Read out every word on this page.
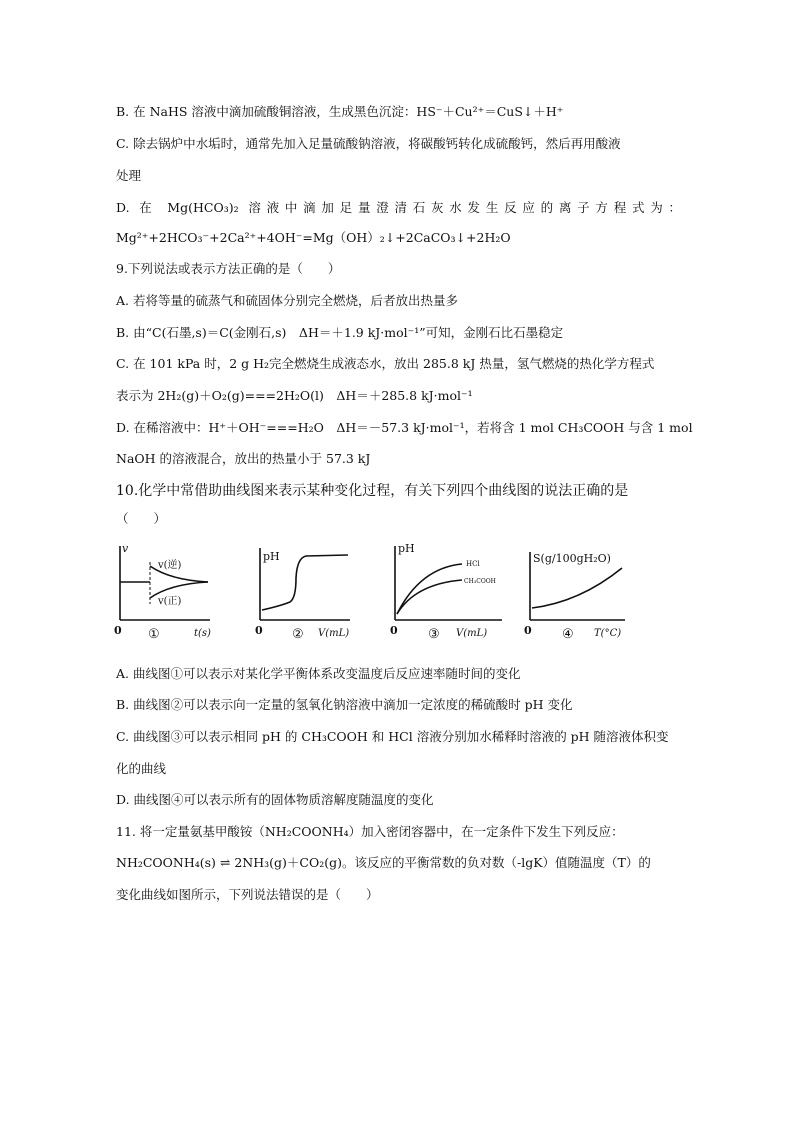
B. 在 NaHS 溶液中滴加硫酸铜溶液，生成黑色沉淀：HS⁻＋Cu²⁺＝CuS↓＋H⁺
C. 除去锅炉中水垢时，通常先加入足量硫酸钠溶液，将碳酸钙转化成硫酸钙，然后再用酸液
处理
D. 在 Mg(HCO₃)₂ 溶液中滴加足量澄清石灰水发生反应的离子方程式为：
Mg²⁺+2HCO₃⁻+2Ca²⁺+4OH⁻=Mg（OH）₂↓+2CaCO₃↓+2H₂O
9.下列说法或表示方法正确的是（　　）
A. 若将等量的硫蒸气和硫固体分别完全燃烧，后者放出热量多
B. 由“C(石墨,s)＝C(金刚石,s)　ΔH＝＋1.9 kJ·mol⁻¹”可知，金刚石比石墨稳定
C. 在 101 kPa 时，2 g H₂完全燃烧生成液态水，放出 285.8 kJ 热量，氢气燃烧的热化学方程式
表示为 2H₂(g)＋O₂(g)===2H₂O(l)　ΔH＝＋285.8 kJ·mol⁻¹
D. 在稀溶液中：H⁺＋OH⁻===H₂O　ΔH＝－57.3 kJ·mol⁻¹，若将含 1 mol CH₃COOH 与含 1 mol
NaOH 的溶液混合，放出的热量小于 57.3 kJ
10.化学中常借助曲线图来表示某种变化过程，有关下列四个曲线图的说法正确的是
（　　）
A. 曲线图①可以表示对某化学平衡体系改变温度后反应速率随时间的变化
B. 曲线图②可以表示向一定量的氢氧化钠溶液中滴加一定浓度的稀硫酸时 pH 变化
C. 曲线图③可以表示相同 pH 的 CH₃COOH 和 HCl 溶液分别加水稀释时溶液的 pH 随溶液体积变
化的曲线
D. 曲线图④可以表示所有的固体物质溶解度随温度的变化
11. 将一定量氨基甲酸铵（NH₂COONH₄）加入密闭容器中，在一定条件下发生下列反应：
NH₂COONH₄(s) ⇌ 2NH₃(g)＋CO₂(g)。该反应的平衡常数的负对数（-lgK）值随温度（T）的
变化曲线如图所示，下列说法错误的是（　　）
v
v(逆)
v(正)
0	t(s)
①
pH
0	V(mL)
②
pH
HCl
CH₃COOH
0	V(mL)
③
S(g/100gH₂O)
0	T(°C)
④
